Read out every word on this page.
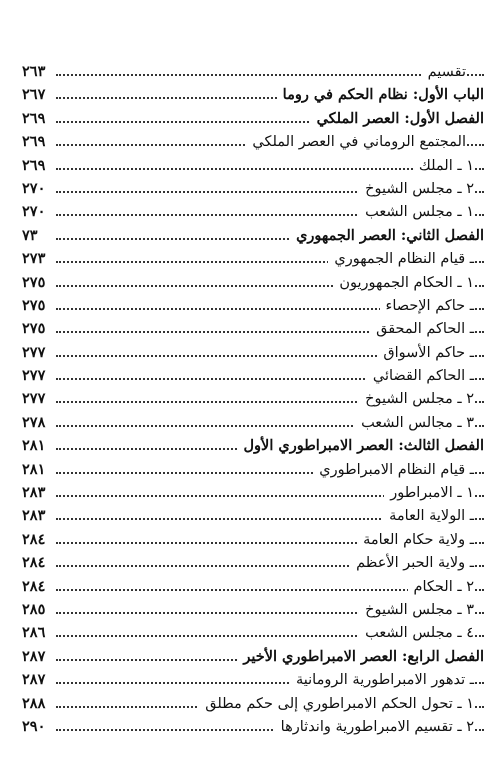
تقسيم
٢٦٣
الباب الأول: نظام الحكم في روما
٢٦٧
الفصل الأول: العصر الملكي
٢٦٩
المجتمع الروماني في العصر الملكي
٢٦٩
١ ـ الملك
٢٦٩
٢ ـ مجلس الشيوخ
٢٧٠
١ ـ مجلس الشعب
٢٧٠
الفصل الثاني: العصر الجمهوري
٧٣
ـ قيام النظام الجمهوري
٢٧٣
١ ـ الحكام الجمهوريون
٢٧٥
ـ حاكم الإحصاء
٢٧٥
ـ الحاكم المحقق
٢٧٥
ـ حاكم الأسواق
٢٧٧
ـ الحاكم القضائي
٢٧٧
٢ ـ مجلس الشيوخ
٢٧٧
٣ ـ مجالس الشعب
٢٧٨
الفصل الثالث: العصر الامبراطوري الأول
٢٨١
ـ قيام النظام الامبراطوري
٢٨١
١ ـ الامبراطور
٢٨٣
ـ الولاية العامة
٢٨٣
ـ ولاية حكام العامة
٢٨٤
ـ ولاية الحبر الأعظم
٢٨٤
٢ ـ الحكام
٢٨٤
٣ ـ مجلس الشيوخ
٢٨٥
٤ ـ مجلس الشعب
٢٨٦
الفصل الرابع: العصر الامبراطوري الأخير
٢٨٧
ـ تدهور الامبراطورية الرومانية
٢٨٧
١ ـ تحول الحكم الامبراطوري إلى حكم مطلق
٢٨٨
٢ ـ تقسيم الامبراطورية واندثارها
٢٩٠
